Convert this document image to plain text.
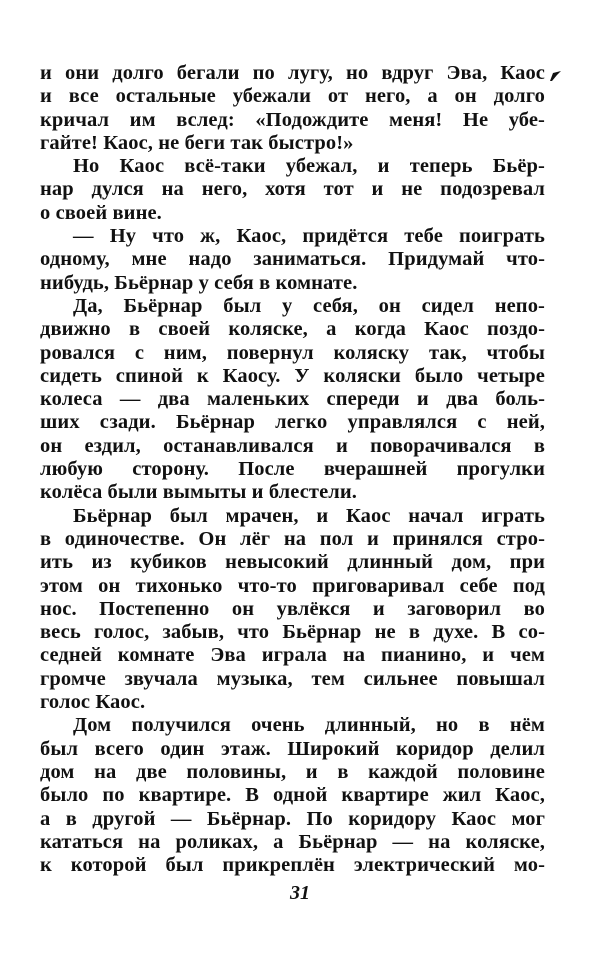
и они долго бегали по лугу, но вдруг Эва, Каос
и все остальные убежали от него, а он долго
кричал им вслед: «Подождите меня! Не убе-
гайте! Каос, не беги так быстро!»
Но Каос всё-таки убежал, и теперь Бьёр-
нар дулся на него, хотя тот и не подозревал
о своей вине.
— Ну что ж, Каос, придётся тебе поиграть
одному, мне надо заниматься. Придумай что-
нибудь, Бьёрнар у себя в комнате.
Да, Бьёрнар был у себя, он сидел непо-
движно в своей коляске, а когда Каос поздо-
ровался с ним, повернул коляску так, чтобы
сидеть спиной к Каосу. У коляски было четыре
колеса — два маленьких спереди и два боль-
ших сзади. Бьёрнар легко управлялся с ней,
он ездил, останавливался и поворачивался в
любую сторону. После вчерашней прогулки
колёса были вымыты и блестели.
Бьёрнар был мрачен, и Каос начал играть
в одиночестве. Он лёг на пол и принялся стро-
ить из кубиков невысокий длинный дом, при
этом он тихонько что-то приговаривал себе под
нос. Постепенно он увлёкся и заговорил во
весь голос, забыв, что Бьёрнар не в духе. В со-
седней комнате Эва играла на пианино, и чем
громче звучала музыка, тем сильнее повышал
голос Каос.
Дом получился очень длинный, но в нём
был всего один этаж. Широкий коридор делил
дом на две половины, и в каждой половине
было по квартире. В одной квартире жил Каос,
а в другой — Бьёрнар. По коридору Каос мог
кататься на роликах, а Бьёрнар — на коляске,
к которой был прикреплён электрический мо-
31
